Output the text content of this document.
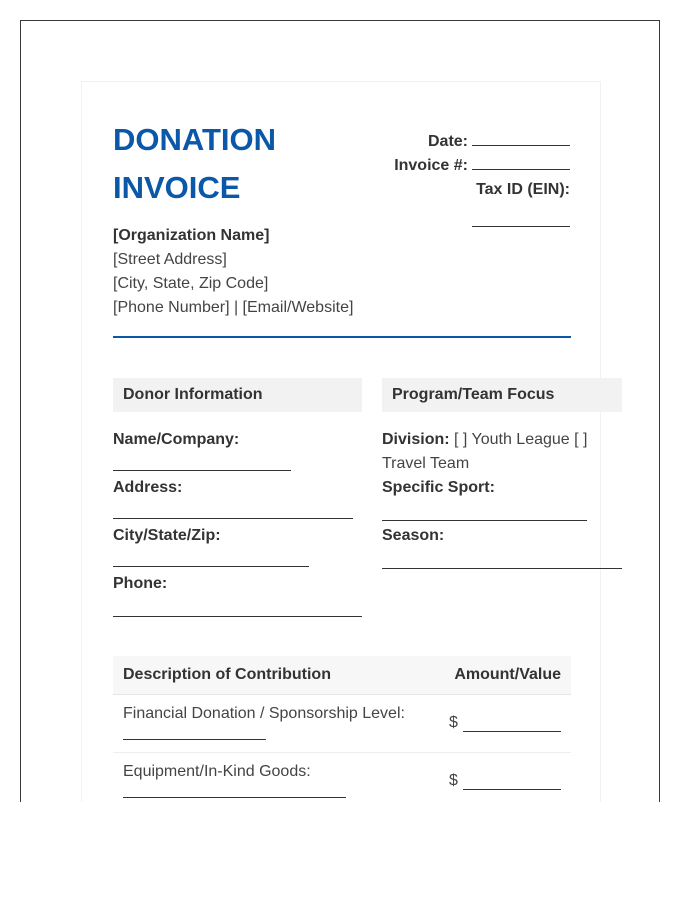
DONATION INVOICE
Date:
Invoice #:
Tax ID (EIN):
[Organization Name]
[Street Address]
[City, State, Zip Code]
[Phone Number] | [Email/Website]
Donor Information
Name/Company:
Address:
City/State/Zip:
Phone:
Program/Team Focus
Division: [ ] Youth League [ ]
Travel Team
Specific Sport:
Season:
Description of Contribution	Amount/Value
Financial Donation / Sponsorship Level:
$
Equipment/In-Kind Goods:
$
